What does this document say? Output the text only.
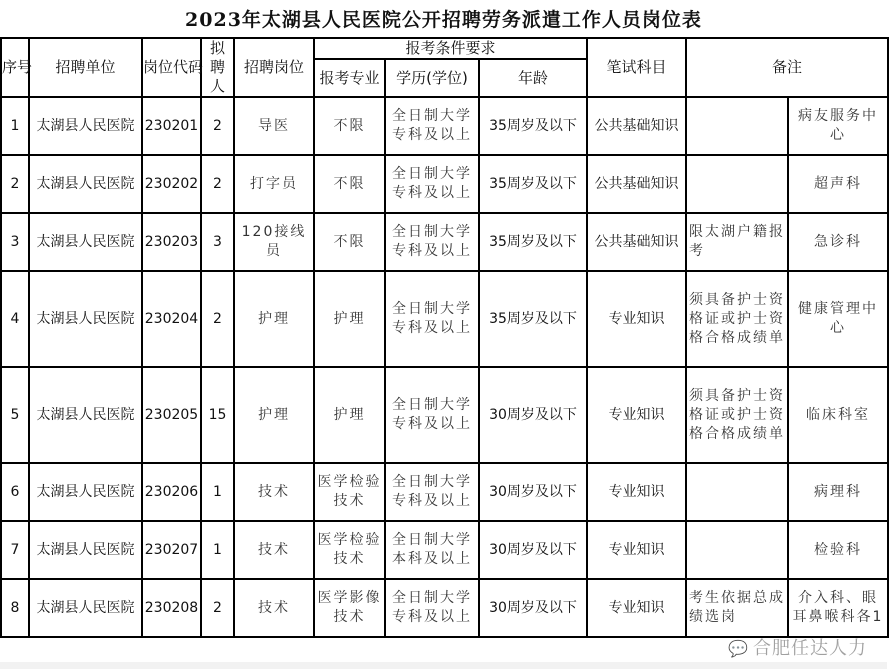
2023年太湖县人民医院公开招聘劳务派遣工作人员岗位表
序号	招聘单位	岗位代码	拟聘人	招聘岗位	报考条件要求			笔试科目	备注	
					报考专业	学历(学位)	年龄			
1	太湖县人民医院	230201	2	导医	不限	全日制大学专科及以上	35周岁及以下	公共基础知识		病友服务中心
2	太湖县人民医院	230202	2	打字员	不限	全日制大学专科及以上	35周岁及以下	公共基础知识		超声科
3	太湖县人民医院	230203	3	120接线员	不限	全日制大学专科及以上	35周岁及以下	公共基础知识	限太湖户籍报考	急诊科
4	太湖县人民医院	230204	2	护理	护理	全日制大学专科及以上	35周岁及以下	专业知识	须具备护士资格证或护士资格合格成绩单	健康管理中心
5	太湖县人民医院	230205	15	护理	护理	全日制大学专科及以上	30周岁及以下	专业知识	须具备护士资格证或护士资格合格成绩单	临床科室
6	太湖县人民医院	230206	1	技术	医学检验技术	全日制大学专科及以上	30周岁及以下	专业知识		病理科
7	太湖县人民医院	230207	1	技术	医学检验技术	全日制大学本科及以上	30周岁及以下	专业知识		检验科
8	太湖县人民医院	230208	2	技术	医学影像技术	全日制大学专科及以上	30周岁及以下	专业知识	考生依据总成绩选岗	介入科、眼耳鼻喉科各1
💬 合肥任达人力
